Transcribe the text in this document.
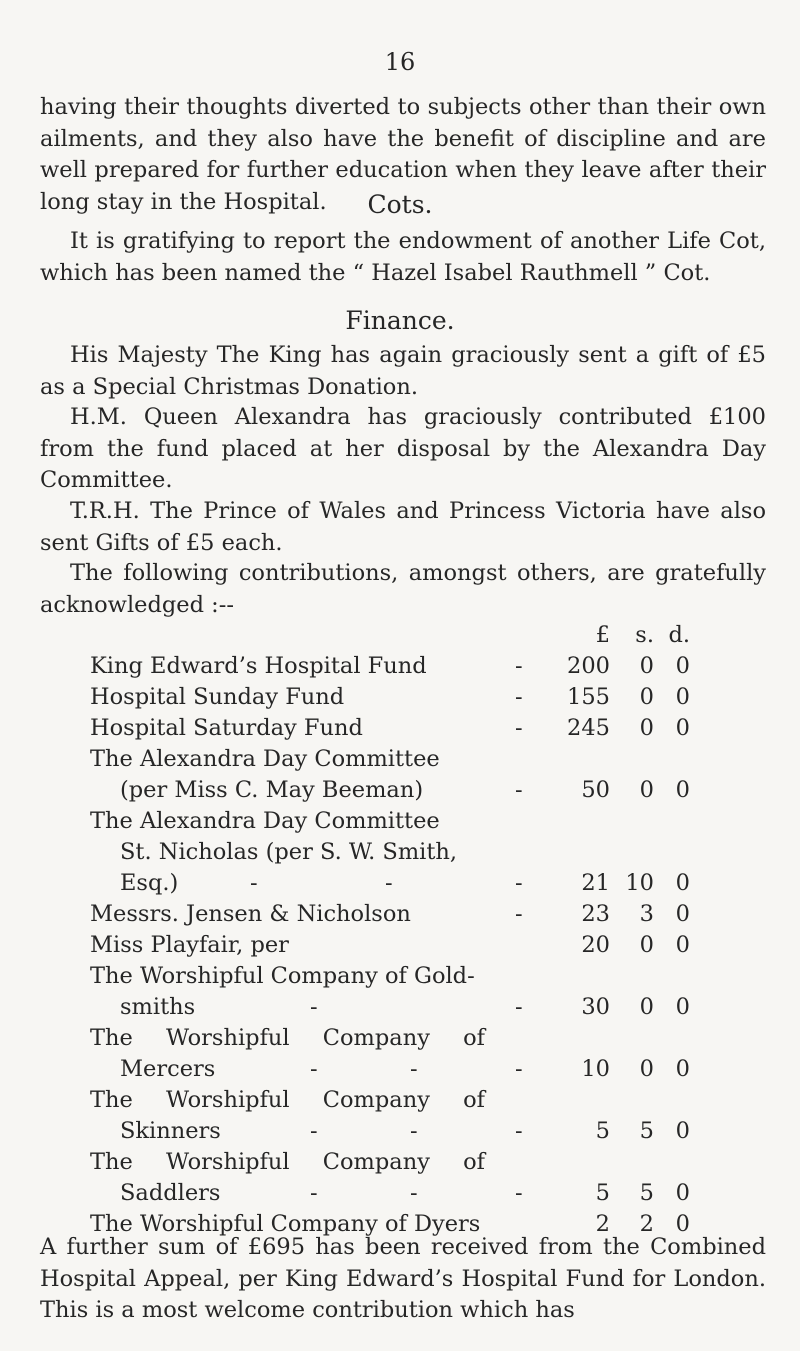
16

having their thoughts diverted to subjects other than their own ailments, and they also have the benefit of discipline and are well prepared for further education when they leave after their long stay in the Hospital.	Cots.

It is gratifying to report the endowment of another Life Cot, which has been named the “ Hazel Isabel Rauthmell ” Cot.

Finance.

His Majesty The King has again graciously sent a gift of £5 as a Special Christmas Donation.

H.M. Queen Alexandra has graciously contributed £100 from the fund placed at her disposal by the Alexandra Day Committee.

T.R.H. The Prince of Wales and Princess Victoria have also sent Gifts of £5 each.

The following contributions, amongst others, are gratefully acknowledged :--

£	s. d.
King Edward’s Hospital Fund	-	200	0 0
Hospital Sunday Fund	-	155	0 0
Hospital Saturday Fund	-	245	0 0
The Alexandra Day Committee
(per Miss C. May Beeman)	-	50	0 0
The Alexandra Day Committee
St. Nicholas (per S. W. Smith,
Esq.)	-	-	-	21 10 0
Messrs. Jensen & Nicholson	-	23	3 0
Miss Playfair, per	20	0 0
The Worshipful Company of Gold-
smiths	-	-	30	0 0
The Worshipful Company of
Mercers	-	-	-	10	0 0
The Worshipful Company of
Skinners	-	-	-	5	5 0
The Worshipful Company of
Saddlers	-	-	-	5	5 0
The Worshipful Company of Dyers	2	2 0

A further sum of £695 has been received from the Combined Hospital Appeal, per King Edward’s Hospital Fund for London. This is a most welcome contribution which has
